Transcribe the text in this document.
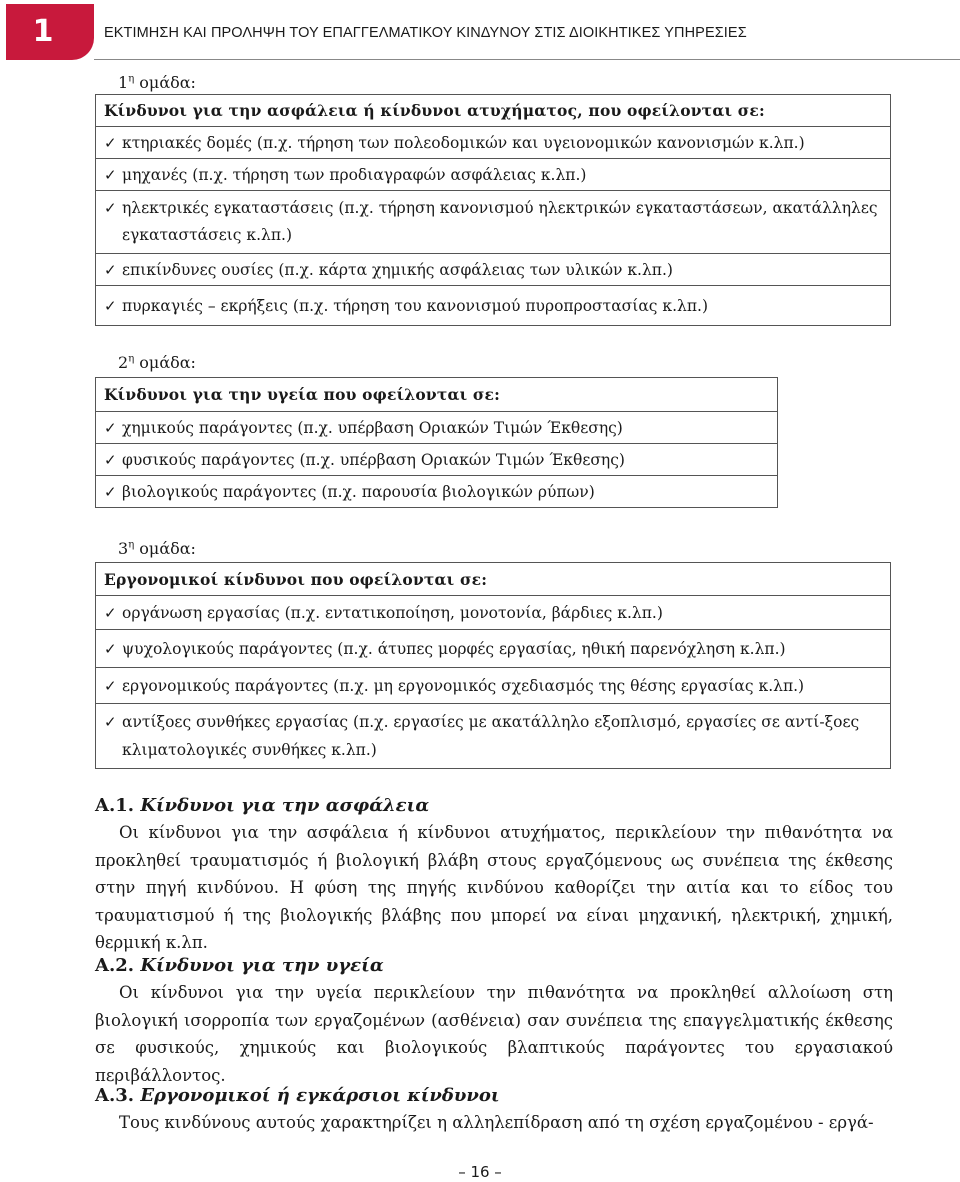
1	ΕΚΤΙΜΗΣΗ ΚΑΙ ΠΡΟΛΗΨΗ ΤΟΥ ΕΠΑΓΓΕΛΜΑΤΙΚΟΥ ΚΙΝΔΥΝΟΥ ΣΤΙΣ ΔΙΟΙΚΗΤΙΚΕΣ ΥΠΗΡΕΣΙΕΣ
$1^\eta$ ομάδα:
Κίνδυνοι για την ασφάλεια ή κίνδυνοι ατυχήματος, που οφείλονται σε:

✓ κτηριακές δομές (π.χ. τήρηση των πολεοδομικών και υγειονομικών κανονισμών κ.λπ.)

✓ μηχανές (π.χ. τήρηση των προδιαγραφών ασφάλειας κ.λπ.)

✓ ηλεκτρικές εγκαταστάσεις (π.χ. τήρηση κανονισμού ηλεκτρικών εγκαταστάσεων, ακατάλληλες εγκαταστάσεις κ.λπ.)

✓ επικίνδυνες ουσίες (π.χ. κάρτα χημικής ασφάλειας των υλικών κ.λπ.)

✓ πυρκαγιές – εκρήξεις (π.χ. τήρηση του κανονισμού πυροπροστασίας κ.λπ.)
$2^\eta$ ομάδα:
Κίνδυνοι για την υγεία που οφείλονται σε:

✓ χημικούς παράγοντες (π.χ. υπέρβαση Οριακών Τιμών Έκθεσης)

✓ φυσικούς παράγοντες (π.χ. υπέρβαση Οριακών Τιμών Έκθεσης)

✓ βιολογικούς παράγοντες (π.χ. παρουσία βιολογικών ρύπων)
$3^\eta$ ομάδα:
Εργονομικοί κίνδυνοι που οφείλονται σε:

✓ οργάνωση εργασίας (π.χ. εντατικοποίηση, μονοτονία, βάρδιες κ.λπ.)

✓ ψυχολογικούς παράγοντες (π.χ. άτυπες μορφές εργασίας, ηθική παρενόχληση κ.λπ.)

✓ εργονομικούς παράγοντες (π.χ. μη εργονομικός σχεδιασμός της θέσης εργασίας κ.λπ.)

✓ αντίξοες συνθήκες εργασίας (π.χ. εργασίες με ακατάλληλο εξοπλισμό, εργασίες σε αντί-ξοες κλιματολογικές συνθήκες κ.λπ.)
Α.1. Κίνδυνοι για την ασφάλεια
Οι κίνδυνοι για την ασφάλεια ή κίνδυνοι ατυχήματος, περικλείουν την πιθανότητα να προκληθεί τραυματισμός ή βιολογική βλάβη στους εργαζόμενους ως συνέπεια της έκθεσης στην πηγή κινδύνου. Η φύση της πηγής κινδύνου καθορίζει την αιτία και το είδος του τραυματισμού ή της βιολογικής βλάβης που μπορεί να είναι μηχανική, ηλεκτρική, χημική, θερμική κ.λπ.
Α.2. Κίνδυνοι για την υγεία
Οι κίνδυνοι για την υγεία περικλείουν την πιθανότητα να προκληθεί αλλοίωση στη βιολογική ισορροπία των εργαζομένων (ασθένεια) σαν συνέπεια της επαγγελματικής έκθεσης σε φυσικούς, χημικούς και βιολογικούς βλαπτικούς παράγοντες του εργασιακού περιβάλλοντος.
Α.3. Εργονομικοί ή εγκάρσιοι κίνδυνοι
Τους κινδύνους αυτούς χαρακτηρίζει η αλληλεπίδραση από τη σχέση εργαζομένου - εργά-
– 16 –
